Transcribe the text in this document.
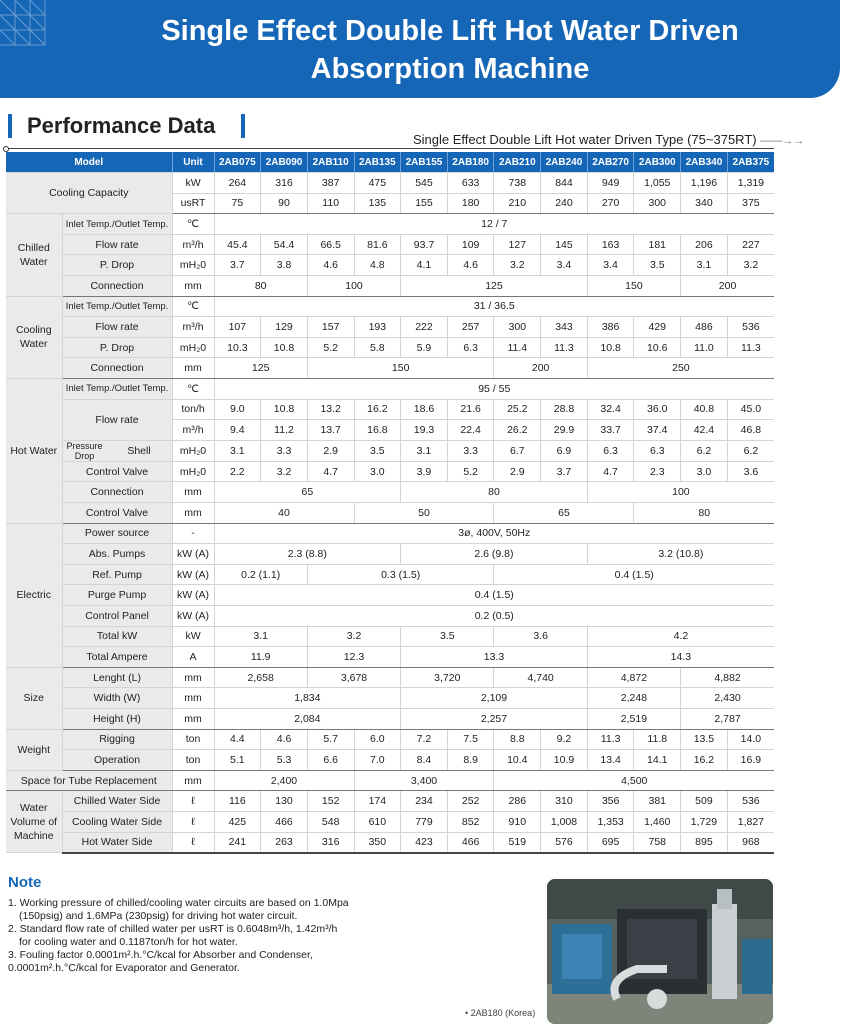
Single Effect Double Lift Hot Water Driven
Absorption Machine
Performance Data
Single Effect Double Lift Hot water Driven Type (75~375RT) ——→→
Model		Unit	2AB075	2AB090	2AB110	2AB135	2AB155	2AB180	2AB210	2AB240	2AB270	2AB300	2AB340	2AB375
Cooling Capacity		kW	264	316	387	475	545	633	738	844	949	1,055	1,196	1,319
		usRT	75	90	110	135	155	180	210	240	270	300	340	375
Chilled Water	Inlet Temp./Outlet Temp.	℃	12 / 7											
	Flow rate	m³/h	45.4	54.4	66.5	81.6	93.7	109	127	145	163	181	206	227
	P. Drop	mH₂0	3.7	3.8	4.6	4.8	4.1	4.6	3.2	3.4	3.4	3.5	3.1	3.2
	Connection	mm	80		100		125				150		200	
Cooling Water	Inlet Temp./Outlet Temp.	℃	31 / 36.5											
	Flow rate	m³/h	107	129	157	193	222	257	300	343	386	429	486	536
	P. Drop	mH₂0	10.3	10.8	5.2	5.8	5.9	6.3	11.4	11.3	10.8	10.6	11.0	11.3
	Connection	mm	125		150				200		250			
Hot Water	Inlet Temp./Outlet Temp.	℃	95 / 55											
	Flow rate	ton/h	9.0	10.8	13.2	16.2	18.6	21.6	25.2	28.8	32.4	36.0	40.8	45.0
		m³/h	9.4	11.2	13.7	16.8	19.3	22.4	26.2	29.9	33.7	37.4	42.4	46.8

	Pressure Drop Shell	mH₂0	3.1	3.3	2.9	3.5	3.1	3.3	6.7	6.9	6.3	6.3	6.2	6.2
	Control Valve	mH₂0	2.2	3.2	4.7	3.0	3.9	5.2	2.9	3.7	4.7	2.3	3.0	3.6
	Connection	mm	65				80				100			
	Control Valve	mm	40			50			65			80		
Electric	Power source	-	3ø, 400V, 50Hz											
	Abs. Pumps	kW (A)	2.3 (8.8)				2.6 (9.8)				3.2 (10.8)			
	Ref. Pump	kW (A)	0.2 (1.1)		0.3 (1.5)				0.4 (1.5)					
	Purge Pump	kW (A)	0.4 (1.5)											
	Control Panel	kW (A)	0.2 (0.5)											
	Total kW	kW	3.1		3.2		3.5		3.6		4.2			
	Total Ampere	A	11.9		12.3		13.3				14.3			
Size	Lenght (L)	mm	2,658		3,678		3,720		4,740		4,872		4,882	
	Width (W)	mm	1,834				2,109				2,248		2,430	
	Height (H)	mm	2,084				2,257				2,519		2,787	
Weight	Rigging	ton	4.4	4.6	5.7	6.0	7.2	7.5	8.8	9.2	11.3	11.8	13.5	14.0
	Operation	ton	5.1	5.3	6.6	7.0	8.4	8.9	10.4	10.9	13.4	14.1	16.2	16.9
Space for Tube Replacement		mm	2,400			3,400			4,500					
Water Volume of Machine	Chilled Water Side	ℓ	116	130	152	174	234	252	286	310	356	381	509	536
	Cooling Water Side	ℓ	425	466	548	610	779	852	910	1,008	1,353	1,460	1,729	1,827
	Hot Water Side	ℓ	241	263	316	350	423	466	519	576	695	758	895	968
Note
1. Working pressure of chilled/cooling water circuits are based on 1.0Mpa
(150psig) and 1.6MPa (230psig) for driving hot water circuit.
2. Standard flow rate of chilled water per usRT is 0.6048m³/h, 1.42m³/h
for cooling water and 0.1187ton/h for hot water.
3. Fouling factor 0.0001m².h.°C/kcal for Absorber and Condenser,
0.0001m².h.°C/kcal for Evaporator and Generator.
• 2AB180 (Korea)
